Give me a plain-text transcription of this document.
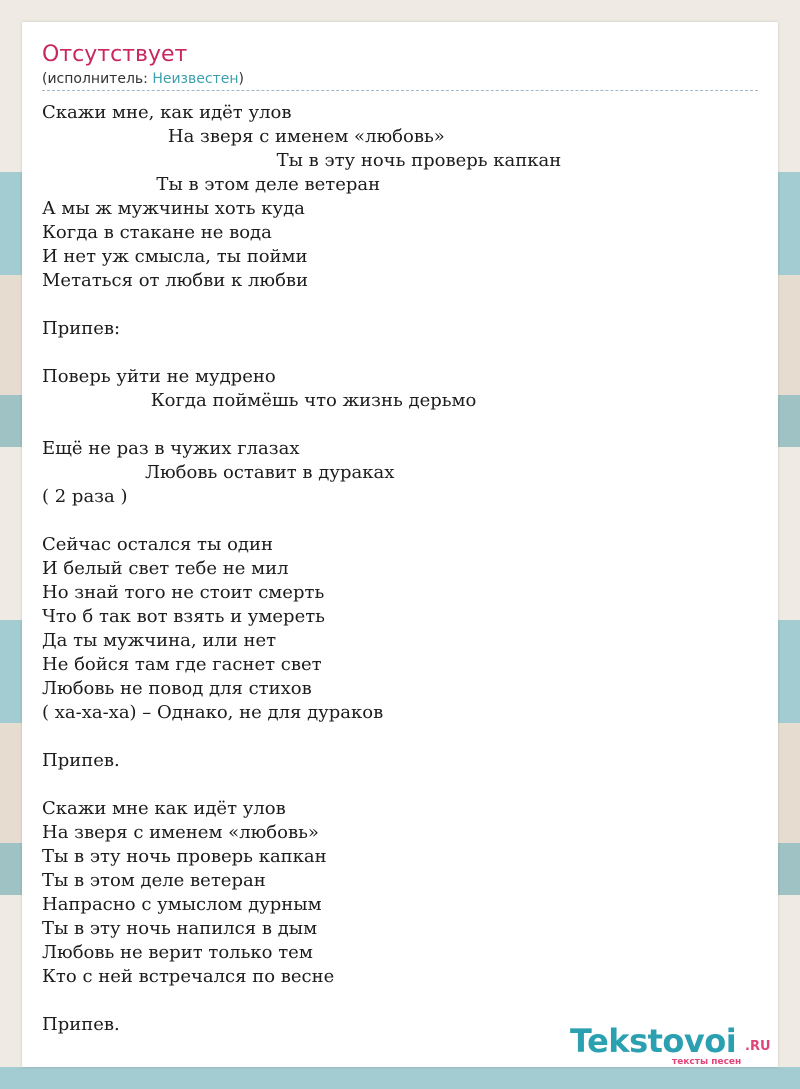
Отсутствует
(исполнитель: Неизвестен)
Скажи мне, как идёт улов
На зверя с именем «любовь»
Ты в эту ночь проверь капкан
Ты в этом деле ветеран
А мы ж мужчины хоть куда
Когда в стакане не вода
И нет уж смысла, ты пойми
Метаться от любви к любви
Припев:
Поверь уйти не мудрено
Когда поймёшь что жизнь дерьмо
Ещё не раз в чужих глазах
Любовь оставит в дураках
( 2 раза )
Сейчас остался ты один
И белый свет тебе не мил
Но знай того не стоит смерть
Что б так вот взять и умереть
Да ты мужчина, или нет
Не бойся там где гаснет свет
Любовь не повод для стихов
( ха-ха-ха) – Однако, не для дураков
Припев.
Скажи мне как идёт улов
На зверя с именем «любовь»
Ты в эту ночь проверь капкан
Ты в этом деле ветеран
Напрасно с умыслом дурным
Ты в эту ночь напился в дым
Любовь не верит только тем
Кто с ней встречался по весне
Припев.	Tekstovoi .RU
тексты песен
